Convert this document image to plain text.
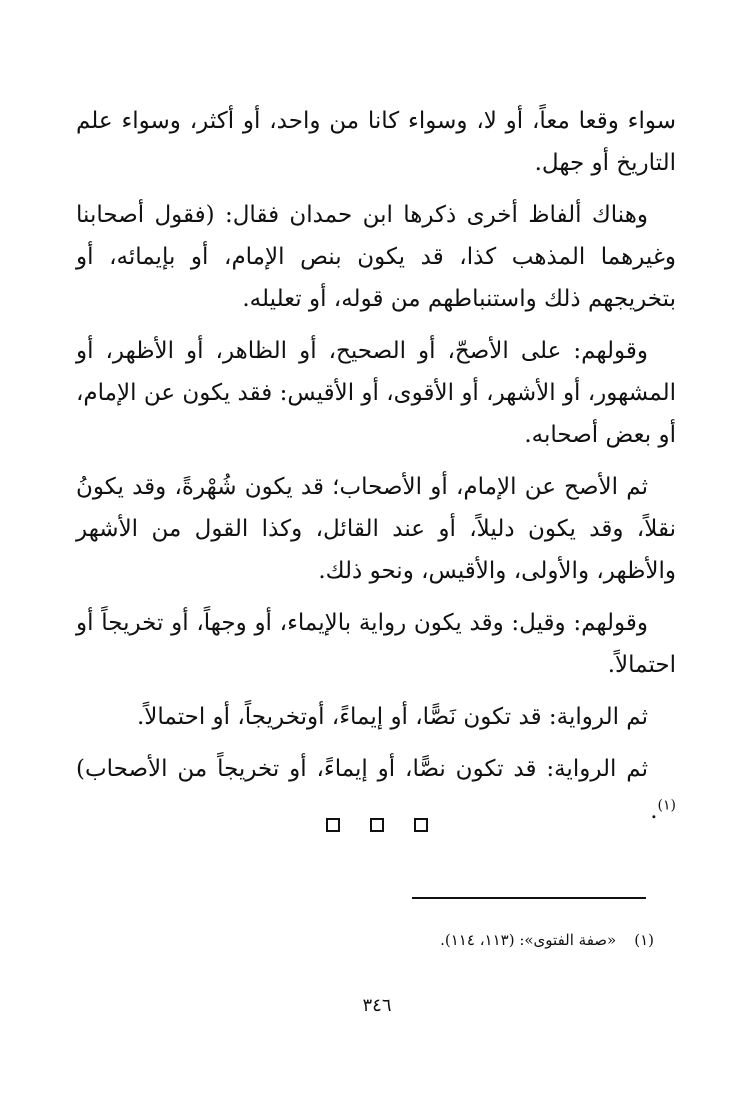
سواء وقعا معاً، أو لا، وسواء كانا من واحد، أو أكثر، وسواء علم التاريخ أو جهل.

وهناك ألفاظ أخرى ذكرها ابن حمدان فقال: (فقول أصحابنا وغيرهما المذهب كذا، قد يكون بنص الإمام، أو بإيمائه، أو بتخريجهم ذلك واستنباطهم من قوله، أو تعليله.

وقولهم: على الأصحّ، أو الصحيح، أو الظاهر، أو الأظهر، أو المشهور، أو الأشهر، أو الأقوى، أو الأقيس: فقد يكون عن الإمام، أو بعض أصحابه.

ثم الأصح عن الإمام، أو الأصحاب؛ قد يكون شُهْرةً، وقد يكونُ نقلاً، وقد يكون دليلاً، أو عند القائل، وكذا القول من الأشهر والأظهر، والأولى، والأقيس، ونحو ذلك.

وقولهم: وقيل: وقد يكون رواية بالإيماء، أو وجهاً، أو تخريجاً أو احتمالاً.

ثم الرواية: قد تكون نَصًّا، أو إيماءً، أوتخريجاً، أو احتمالاً.

ثم الرواية: قد تكون نصًّا، أو إيماءً، أو تخريجاً من الأصحاب)$^{(١)}$.

(١)«صفة الفتوى»: (١١٣، ١١٤).
٣٤٦
